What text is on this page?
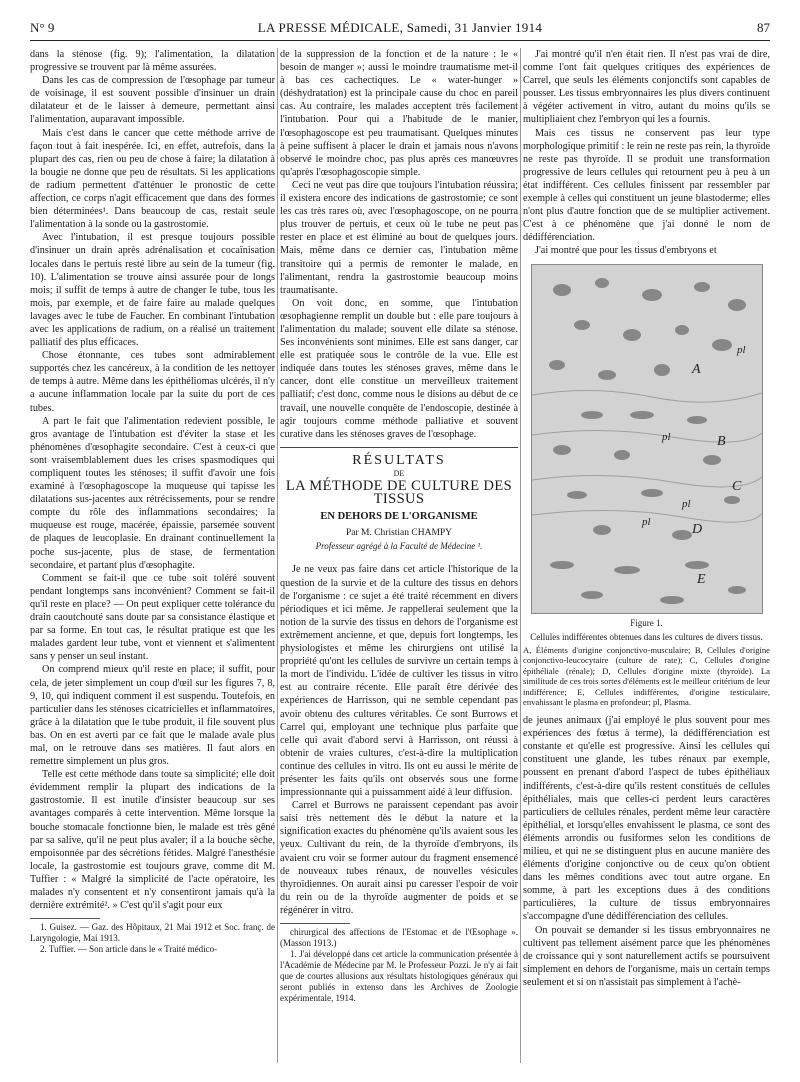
N° 9	LA PRESSE MÉDICALE, Samedi, 31 Janvier 1914	87

dans la sténose (fig. 9); l'alimentation, la dilatation progressive se trouvent par là même assurées.

Dans les cas de compression de l'œsophage par tumeur de voisinage, il est souvent possible d'insinuer un drain dilatateur et de le laisser à demeure, permettant ainsi l'alimentation, auparavant impossible.

Mais c'est dans le cancer que cette méthode arrive de façon tout à fait inespérée. Ici, en effet, autrefois, dans la plupart des cas, rien ou peu de chose à faire; la dilatation à la bougie ne donne que peu de résultats. Si les applications de radium permettent d'atténuer le pronostic de cette affection, ce corps n'agit efficacement que dans des formes bien déterminées¹. Dans beaucoup de cas, restait seule l'alimentation à la sonde ou la gastrostomie.

Avec l'intubation, il est presque toujours possible d'insinuer un drain après adrénalisation et cocaïnisation locales dans le pertuis resté libre au sein de la tumeur (fig. 10). L'alimentation se trouve ainsi assurée pour de longs mois; il suffit de temps à autre de changer le tube, tous les mois, par exemple, et de faire faire au malade quelques lavages avec le tube de Faucher. En combinant l'intubation avec les applications de radium, on a réalisé un traitement palliatif des plus efficaces.

Chose étonnante, ces tubes sont admirablement supportés chez les cancéreux, à la condition de les nettoyer de temps à autre. Même dans les épithéliomas ulcérés, il n'y a aucune inflammation locale par la suite du port de ces tubes.

A part le fait que l'alimentation redevient possible, le gros avantage de l'intubation est d'éviter la stase et les phénomènes d'œsophagite secondaire. C'est à ceux-ci que sont vraisemblablement dues les crises spasmodiques qui compliquent toutes les sténoses; il suffit d'avoir une fois examiné à l'œsophagoscope la muqueuse qui tapisse les dilatations sus-jacentes aux rétrécissements, pour se rendre compte du rôle des inflammations secondaires; la muqueuse est rouge, macérée, épaissie, parsemée souvent de plaques de leucoplasie. En drainant continuellement la poche sus-jacente, plus de stase, de fermentation secondaire, et partant plus d'œsophagite.

Comment se fait-il que ce tube soit toléré souvent pendant longtemps sans inconvénient? Comment se fait-il qu'il reste en place? — On peut expliquer cette tolérance du drain caoutchouté sans doute par sa consistance élastique et par sa forme. En tout cas, le résultat pratique est que les malades gardent leur tube, vont et viennent et s'alimentent sans y penser un seul instant.

On comprend mieux qu'il reste en place; il suffit, pour cela, de jeter simplement un coup d'œil sur les figures 7, 8, 9, 10, qui indiquent comment il est suspendu. Toutefois, en particulier dans les sténoses cicatricielles et inflammatoires, grâce à la dilatation que le tube produit, il file souvent plus bas. On en est averti par ce fait que le malade avale plus mal, on le retrouve dans ses matières. Il faut alors en remettre simplement un plus gros.

Telle est cette méthode dans toute sa simplicité; elle doit évidemment remplir la plupart des indications de la gastrostomie. Il est inutile d'insister beaucoup sur ses avantages comparés à cette intervention. Même lorsque la bouche stomacale fonctionne bien, le malade est très gêné par sa salive, qu'il ne peut plus avaler; il a la bouche sèche, empoisonnée par des sécrétions fétides. Malgré l'anesthésie locale, la gastrostomie est toujours grave, comme dit M. Tuffier : « Malgré la simplicité de l'acte opératoire, les malades n'y consentent et n'y consentiront jamais qu'à la dernière extrémité². » C'est qu'il s'agit pour eux

1. Guisez. — Gaz. des Hôpitaux, 21 Mai 1912 et Soc. franç. de Laryngologie, Mai 1913.

2. Tuffier. — Son article dans le « Traité médico-

de la suppression de la fonction et de la nature : le « besoin de manger »; aussi le moindre traumatisme met-il à bas ces cachectiques. Le « water-hunger » (déshydratation) est la principale cause du choc en pareil cas. Au contraire, les malades acceptent très facilement l'intubation. Pour qui a l'habitude de le manier, l'œsophagoscope est peu traumatisant. Quelques minutes à peine suffisent à placer le drain et jamais nous n'avons observé le moindre choc, pas plus après ces manœuvres qu'après l'œsophagoscopie simple.

Ceci ne veut pas dire que toujours l'intubation réussira; il existera encore des indications de gastrostomie; ce sont les cas très rares où, avec l'œsophagoscope, on ne pourra plus trouver de pertuis, et ceux où le tube ne peut pas rester en place et est éliminé au bout de quelques jours. Mais, même dans ce dernier cas, l'intubation même transitoire qui a permis de remonter le malade, en l'alimentant, rendra la gastrostomie beaucoup moins traumatisante.

On voit donc, en somme, que l'intubation œsophagienne remplit un double but : elle pare toujours à l'alimentation du malade; souvent elle dilate sa sténose. Ses inconvénients sont minimes. Elle est sans danger, car elle est pratiquée sous le contrôle de la vue. Elle est indiquée dans toutes les sténoses graves, même dans le cancer, dont elle constitue un merveilleux traitement palliatif; c'est donc, comme nous le disions au début de ce travail, une nouvelle conquête de l'endoscopie, destinée à agir toujours comme méthode palliative et souvent curative dans les sténoses graves de l'œsophage.

RÉSULTATS
DE
LA MÉTHODE DE CULTURE DES TISSUS
EN DEHORS DE L'ORGANISME
Par M. Christian CHAMPY
Professeur agrégé à la Faculté de Médecine ¹.

Je ne veux pas faire dans cet article l'historique de la question de la survie et de la culture des tissus en dehors de l'organisme : ce sujet a été traité récemment en divers périodiques et ici même. Je rappellerai seulement que la notion de la survie des tissus en dehors de l'organisme est extrêmement ancienne, et que, depuis fort longtemps, les physiologistes et même les chirurgiens ont utilisé la propriété qu'ont les cellules de survivre un certain temps à la mort de l'individu. L'idée de cultiver les tissus in vitro est au contraire récente. Elle paraît être dérivée des expériences de Harrisson, qui ne semble cependant pas avoir obtenu des cultures véritables. Ce sont Burrows et Carrel qui, employant une technique plus parfaite que celle qui avait d'abord servi à Harrisson, ont réussi à obtenir de vraies cultures, c'est-à-dire la multiplication continue des cellules in vitro. Ils ont eu aussi le mérite de présenter les faits qu'ils ont observés sous une forme impressionnante qui a puissamment aidé à leur diffusion.

Carrel et Burrows ne paraissent cependant pas avoir saisi très nettement dès le début la nature et la signification exactes du phénomène qu'ils avaient sous les yeux. Cultivant du rein, de la thyroïde d'embryons, ils avaient cru voir se former autour du fragment ensemencé de nouveaux tubes rénaux, de nouvelles vésicules thyroïdiennes. On aurait ainsi pu caresser l'espoir de voir du rein ou de la thyroïde augmenter de poids et se régénérer in vitro.

chirurgical des affections de l'Estomac et de l'Œsophage ». (Masson 1913.)

1. J'ai développé dans cet article la communication présentée à l'Académie de Médecine par M. le Professeur Pozzi. Je n'y ai fait que de courtes allusions aux résultats histologiques généraux qui seront publiés in extenso dans les Archives de Zoologie expérimentale, 1914.

J'ai montré qu'il n'en était rien. Il n'est pas vrai de dire, comme l'ont fait quelques critiques des expériences de Carrel, que seuls les éléments conjonctifs sont capables de pousser. Les tissus embryonnaires les plus divers continuent à végéter activement in vitro, autant du moins qu'ils se multipliaient chez l'embryon qui les a fournis.

Mais ces tissus ne conservent pas leur type morphologique primitif : le rein ne reste pas rein, la thyroïde ne reste pas thyroïde. Il se produit une transformation progressive de leurs cellules qui retournent peu à peu à un état indifférent. Ces cellules finissent par ressembler par exemple à celles qui constituent un jeune blastoderme; elles n'ont plus d'autre fonction que de se multiplier activement. C'est à ce phénomène que j'ai donné le nom de dédifférenciation.

J'ai montré que pour les tissus d'embryons et

A
B
C
D
E
pl
pl
pl
pl
Figure 1.
Cellules indifférentes obtenues dans les cultures de divers tissus.
A, Éléments d'origine conjonctivo-musculaire; B, Cellules d'origine conjonctivo-leucocytaire (culture de rate); C, Cellules d'origine épithéliale (rénale); D, Cellules d'origine mixte (thyroïde). La similitude de ces trois sortes d'éléments est le meilleur critérium de leur indifférence; E, Cellules indifférentes, d'origine testiculaire, envahissant le plasma en profondeur; pl, Plasma.

de jeunes animaux (j'ai employé le plus souvent pour mes expériences des fœtus à terme), la dédifférenciation est constante et qu'elle est progressive. Ainsi les cellules qui constituent une glande, les tubes rénaux par exemple, poussent en prenant d'abord l'aspect de tubes épithéliaux indifférents, c'est-à-dire qu'ils restent constitués de cellules épithéliales, mais que celles-ci perdent leurs caractères particuliers de cellules rénales, perdent même leur caractère épithélial, et lorsqu'elles envahissent le plasma, ce sont des éléments arrondis ou fusiformes selon les conditions de milieu, et qui ne se distinguent plus en aucune manière des éléments d'origine conjonctive ou de ceux qu'on obtient dans les mêmes conditions avec tout autre organe. En somme, à part les exceptions dues à des conditions particulières, la culture de tissus embryonnaires s'accompagne d'une dédifférenciation des cellules.

On pouvait se demander si les tissus embryonnaires ne cultivent pas tellement aisément parce que les phénomènes de croissance qui y sont naturellement actifs se poursuivent simplement en dehors de l'organisme, mais un certain temps seulement et si on n'assistait pas simplement à l'achè-
